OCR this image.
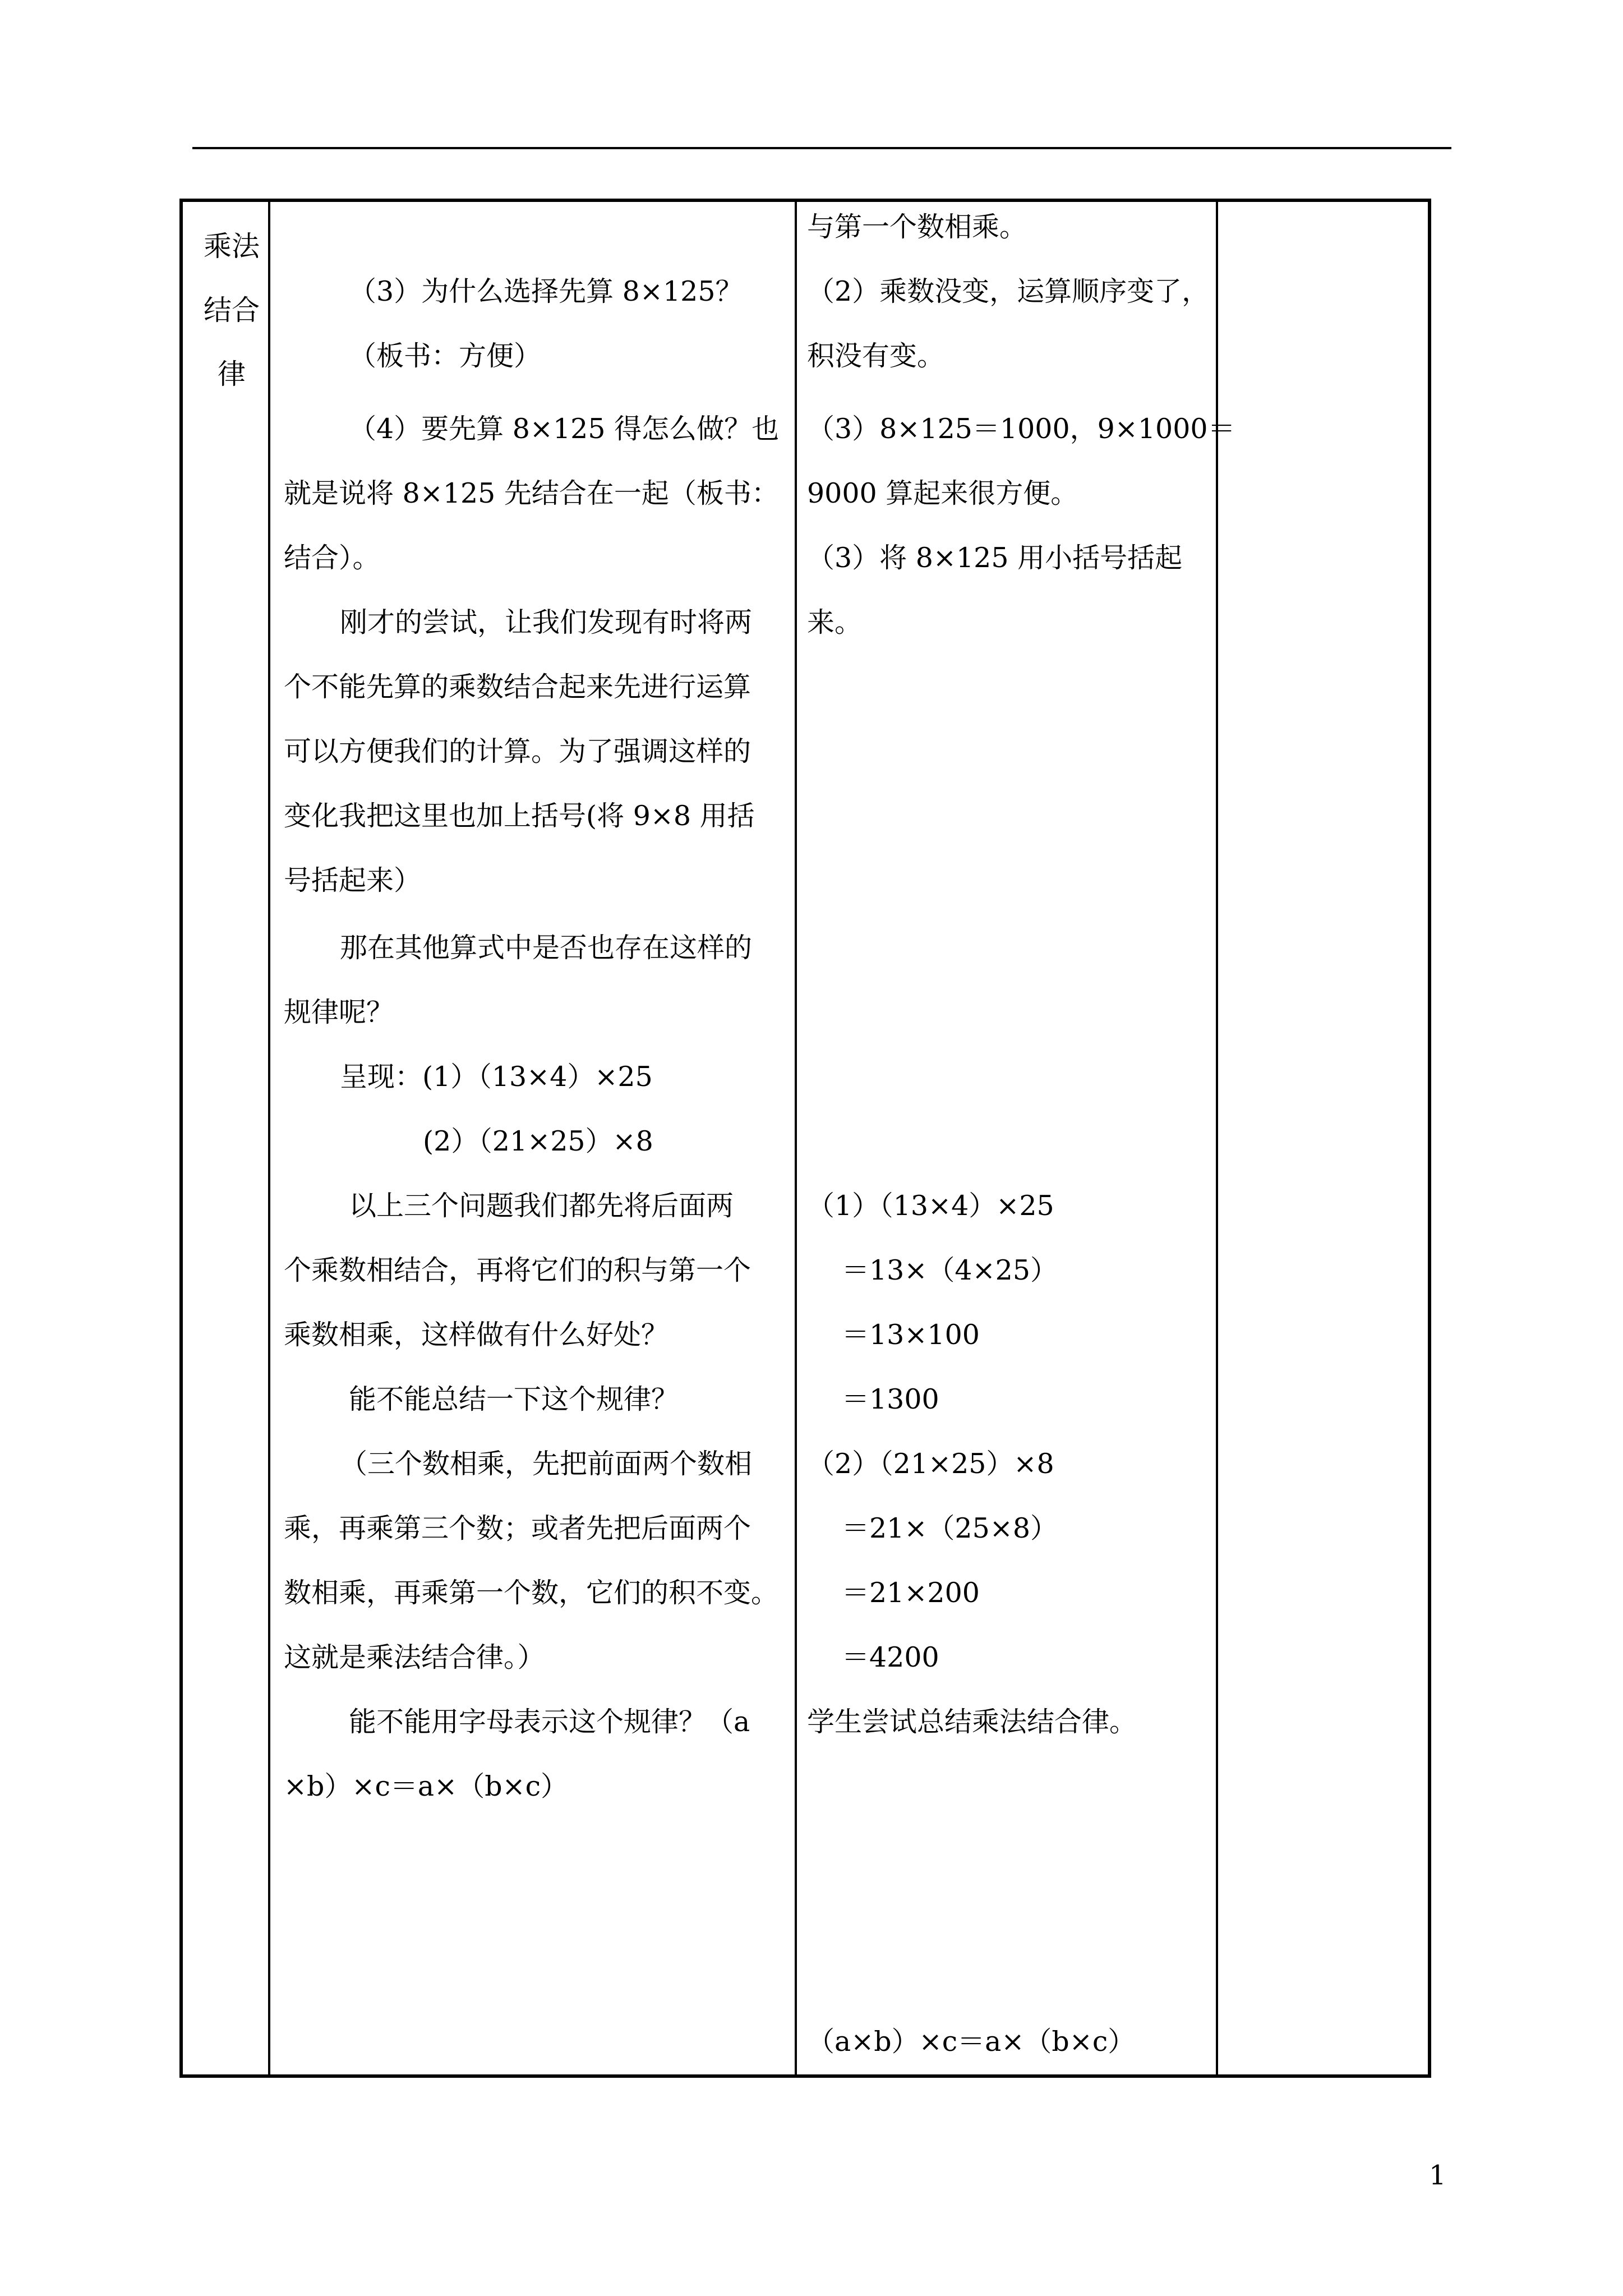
乘法
结合
律
（3）为什么选择先算 8×125？
（板书：方便）
（4）要先算 8×125 得怎么做？也
就是说将 8×125 先结合在一起（板书：
结合）。
刚才的尝试，让我们发现有时将两
个不能先算的乘数结合起来先进行运算
可以方便我们的计算。为了强调这样的
变化我把这里也加上括号(将 9×8 用括
号括起来）
那在其他算式中是否也存在这样的
规律呢？
呈现：(1）（13×4）×25
(2）（21×25）×8
以上三个问题我们都先将后面两
个乘数相结合，再将它们的积与第一个
乘数相乘，这样做有什么好处？
能不能总结一下这个规律？
（三个数相乘，先把前面两个数相
乘，再乘第三个数；或者先把后面两个
数相乘，再乘第一个数，它们的积不变。
这就是乘法结合律。）
能不能用字母表示这个规律？（a
×b）×c＝a×（b×c）
与第一个数相乘。
（2）乘数没变，运算顺序变了，
积没有变。
（3）8×125＝1000，9×1000＝
9000 算起来很方便。
（3）将 8×125 用小括号括起
来。
（1）（13×4）×25
＝13×（4×25）
＝13×100
＝1300
（2）（21×25）×8
＝21×（25×8）
＝21×200
＝4200
学生尝试总结乘法结合律。
（a×b）×c＝a×（b×c）
1
